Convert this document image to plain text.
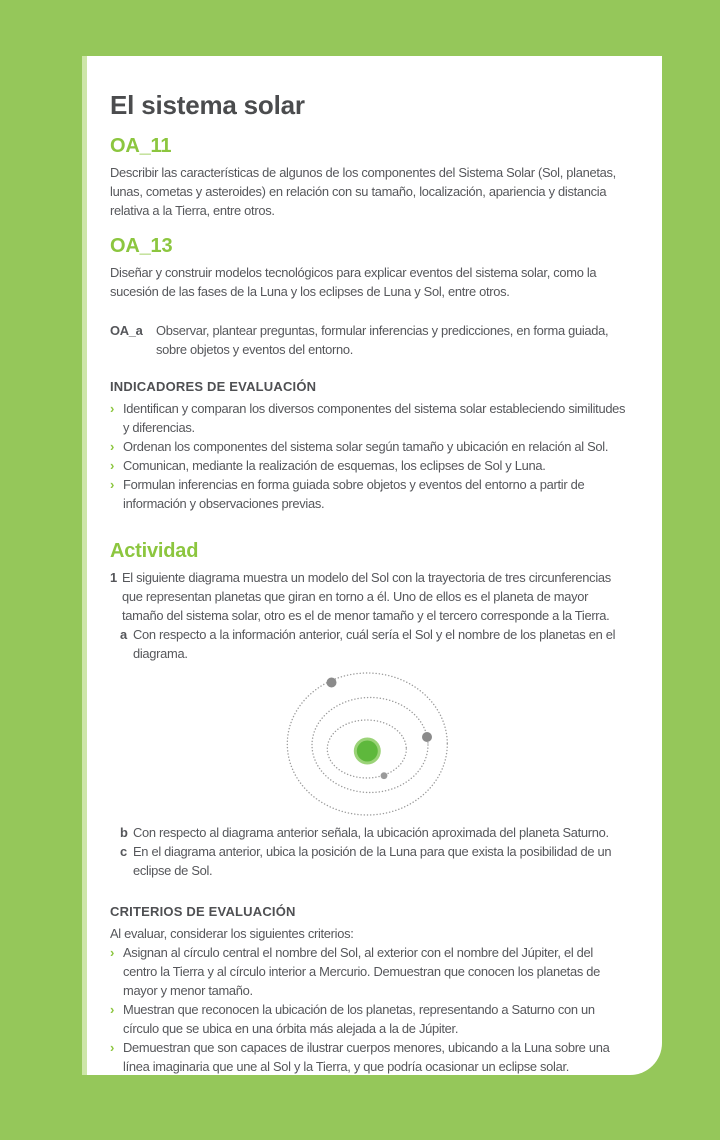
El sistema solar
OA_11

Describir las características de algunos de los componentes del Sistema Solar (Sol, planetas, lunas, cometas y asteroides) en relación con su tamaño, localización, apariencia y distancia relativa a la Tierra, entre otros.

OA_13

Diseñar y construir modelos tecnológicos para explicar eventos del sistema solar, como la sucesión de las fases de la Luna y los eclipses de Luna y Sol, entre otros.

OA_a	Observar, plantear preguntas, formular inferencias y predicciones, en forma guiada, sobre objetos y eventos del entorno.
INDICADORES DE EVALUACIÓN
› Identifican y comparan los diversos componentes del sistema solar estableciendo similitudes y diferencias.
› Ordenan los componentes del sistema solar según tamaño y ubicación en relación al Sol.
› Comunican, mediante la realización de esquemas, los eclipses de Sol y Luna.
› Formulan inferencias en forma guiada sobre objetos y eventos del entorno a partir de información y observaciones previas.
Actividad
1 El siguiente diagrama muestra un modelo del Sol con la trayectoria de tres circunferencias que representan planetas que giran en torno a él. Uno de ellos es el planeta de mayor tamaño del sistema solar, otro es el de menor tamaño y el tercero corresponde a la Tierra.
a Con respecto a la información anterior, cuál sería el Sol y el nombre de los planetas en el diagrama.
b Con respecto al diagrama anterior señala, la ubicación aproximada del planeta Saturno.
c En el diagrama anterior, ubica la posición de la Luna para que exista la posibilidad de un eclipse de Sol.
CRITERIOS DE EVALUACIÓN

Al evaluar, considerar los siguientes criterios:

› Asignan al círculo central el nombre del Sol, al exterior con el nombre del Júpiter, el del centro la Tierra y al círculo interior a Mercurio. Demuestran que conocen los planetas de mayor y menor tamaño.
› Muestran que reconocen la ubicación de los planetas, representando a Saturno con un círculo que se ubica en una órbita más alejada a la de Júpiter.
› Demuestran que son capaces de ilustrar cuerpos menores, ubicando a la Luna sobre una línea imaginaria que une al Sol y la Tierra, y que podría ocasionar un eclipse solar.
